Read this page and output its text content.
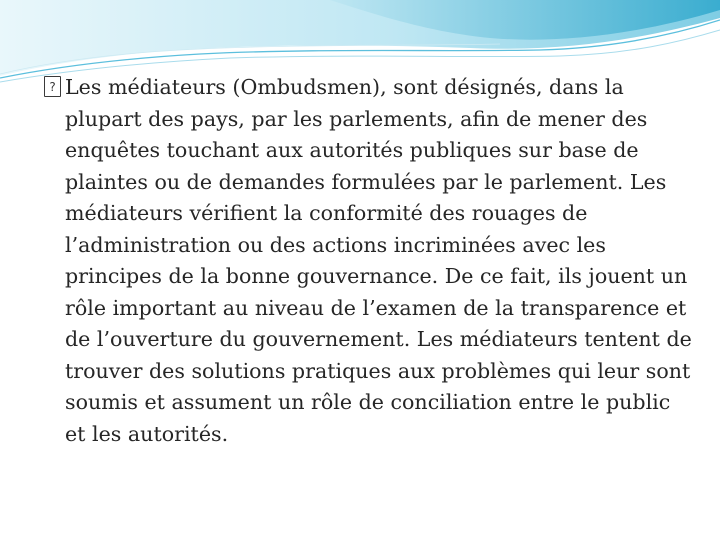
? Les médiateurs (Ombudsmen), sont désignés, dans la plupart des pays, par les parlements, afin de mener des enquêtes touchant aux autorités publiques sur base de plaintes ou de demandes formulées par le parlement. Les médiateurs vérifient la conformité des rouages de l’administration ou des actions incriminées avec les principes de la bonne gouvernance. De ce fait, ils jouent un rôle important au niveau de l’examen de la transparence et de l’ouverture du gouvernement. Les médiateurs tentent de trouver des solutions pratiques aux problèmes qui leur sont soumis et assument un rôle de conciliation entre le public et les autorités.
